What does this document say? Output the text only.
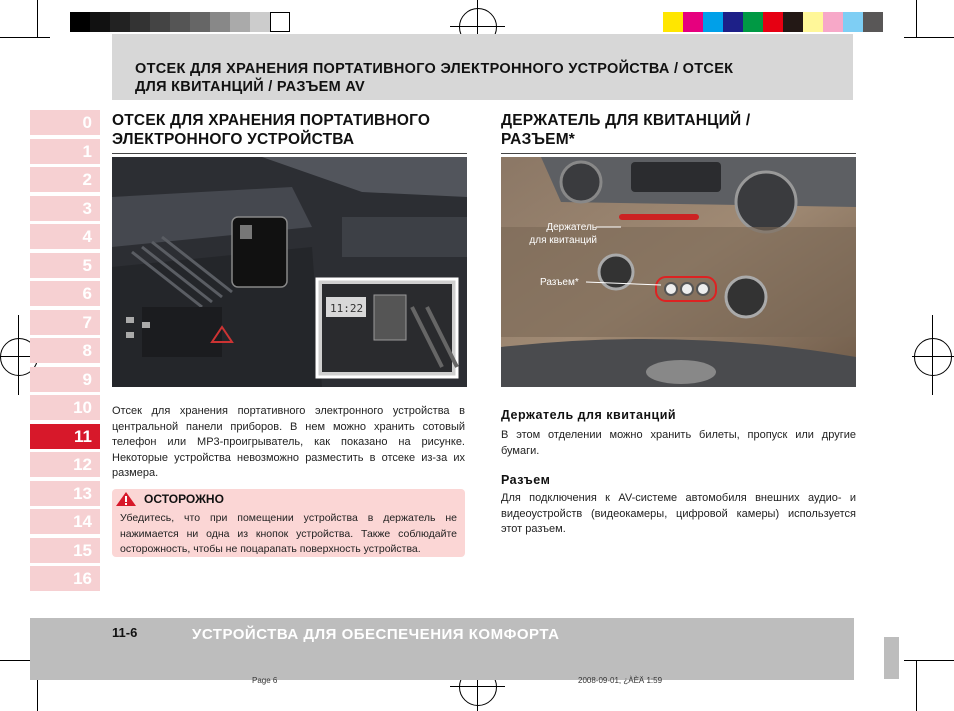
ОТСЕК ДЛЯ ХРАНЕНИЯ ПОРТАТИВНОГО ЭЛЕКТРОННОГО УСТРОЙСТВА / ОТСЕК
ДЛЯ КВИТАНЦИЙ / РАЗЪЕМ AV
0
1
2
3
4
5
6
7
8
9
10
11
12
13
14
15
16
ОТСЕК ДЛЯ ХРАНЕНИЯ ПОРТАТИВНОГО
ЭЛЕКТРОННОГО УСТРОЙСТВА
11:22
Отсек для хранения портативного электронного устройства в центральной панели приборов. В нем можно хранить сотовый телефон или MP3-проигрыватель, как показано на рисунке. Некоторые устройства невозможно разместить в отсеке из-за их размера.
ОСТОРОЖНО
Убедитесь, что при помещении устройства в держатель не нажимается ни одна из кнопок устройства. Также соблюдайте осторожность, чтобы не поцарапать поверхность устройства.
ДЕРЖАТЕЛЬ ДЛЯ КВИТАНЦИЙ /
РАЗЪЕМ*
Держатель
для квитанций
Разъем*
Держатель для квитанций
В этом отделении можно хранить билеты, пропуск или другие бумаги.
Разъем
Для подключения к AV-системе автомобиля внешних аудио- и видеоустройств (видеокамеры, цифровой камеры) используется этот разъем.
11-6	УСТРОЙСТВА ДЛЯ ОБЕСПЕЧЕНИЯ КОМФОРТА
Page 6	2008-09-01, ¿ÀÈÄ 1:59
